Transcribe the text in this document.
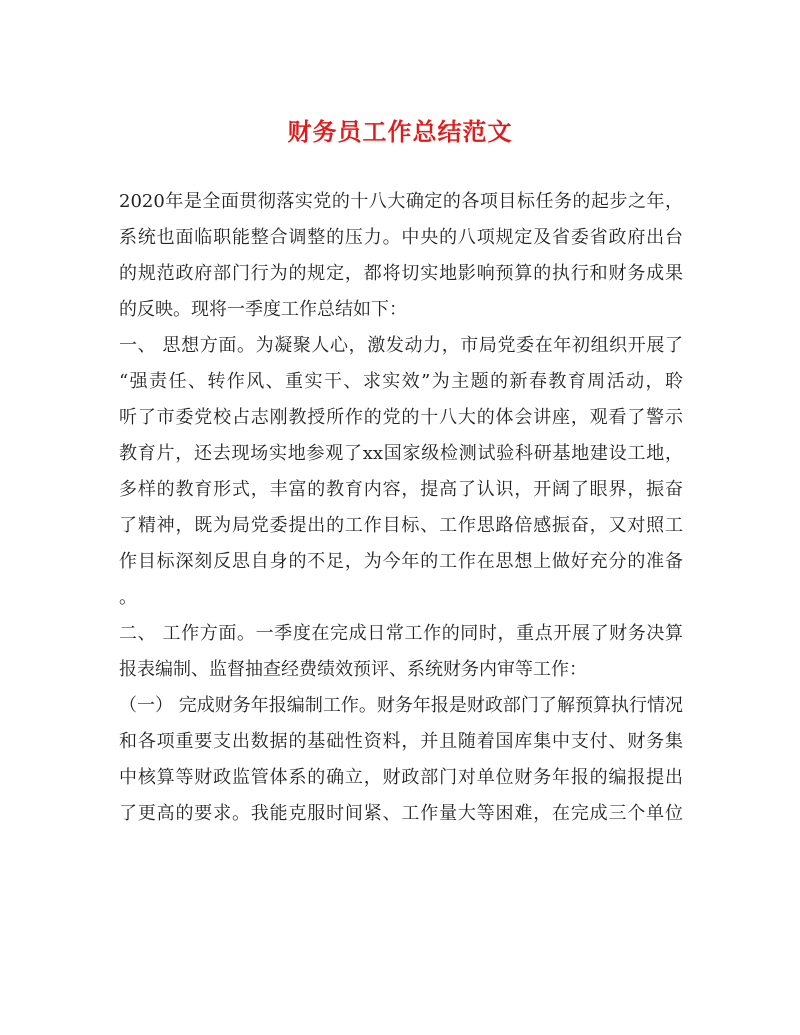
财务员工作总结范文
2020年是全面贯彻落实党的十八大确定的各项目标任务的起步之年，
系统也面临职能整合调整的压力。中央的八项规定及省委省政府出台
的规范政府部门行为的规定，都将切实地影响预算的执行和财务成果
的反映。现将一季度工作总结如下：
一、 思想方面。为凝聚人心，激发动力，市局党委在年初组织开展了
“强责任、转作风、重实干、求实效”为主题的新春教育周活动，聆
听了市委党校占志刚教授所作的党的十八大的体会讲座，观看了警示
教育片，还去现场实地参观了xx国家级检测试验科研基地建设工地，
多样的教育形式，丰富的教育内容，提高了认识，开阔了眼界，振奋
了精神，既为局党委提出的工作目标、工作思路倍感振奋，又对照工
作目标深刻反思自身的不足，为今年的工作在思想上做好充分的准备
。
二、 工作方面。一季度在完成日常工作的同时，重点开展了财务决算
报表编制、监督抽查经费绩效预评、系统财务内审等工作：
（一） 完成财务年报编制工作。财务年报是财政部门了解预算执行情况
和各项重要支出数据的基础性资料，并且随着国库集中支付、财务集
中核算等财政监管体系的确立，财政部门对单位财务年报的编报提出
了更高的要求。我能克服时间紧、工作量大等困难，在完成三个单位
